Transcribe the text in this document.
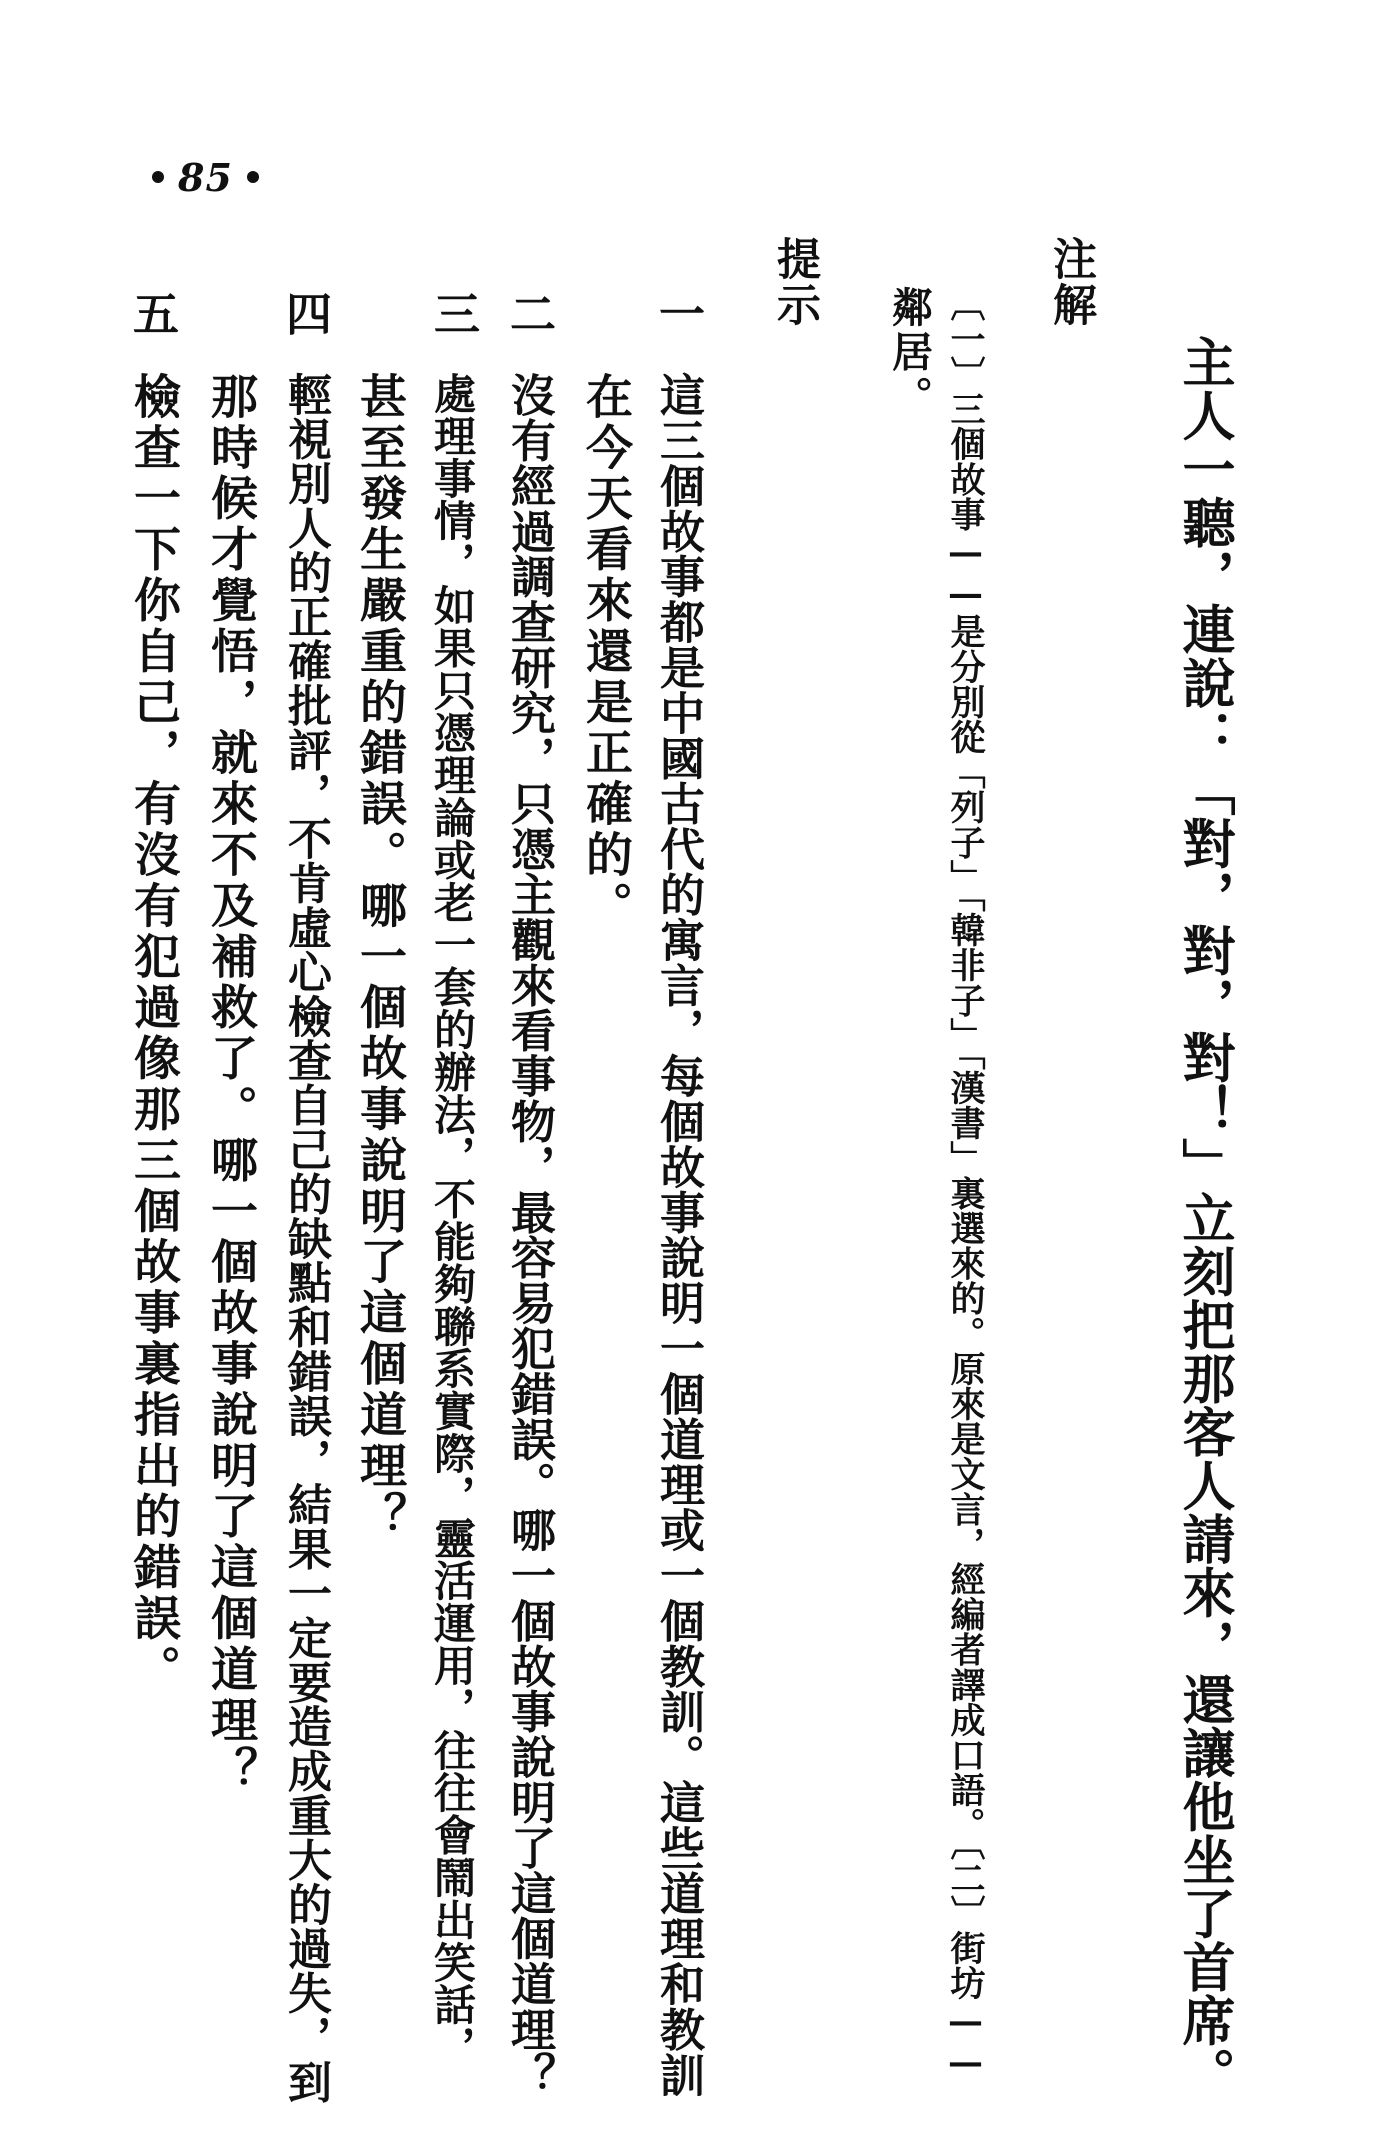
85
主人一聽，連說：「對，對，對！」立刻把那客人請來，還讓他坐了首席。
注解
〔一〕三個故事——是分別從「列子」「韓非子」「漢書」裏選來的。原來是文言，經編者譯成口語。〔二〕街坊——
鄰居。
提示
一
這三個故事都是中國古代的寓言，每個故事說明一個道理或一個教訓。這些道理和教訓
在今天看來還是正確的。
二
沒有經過調查研究，只憑主觀來看事物，最容易犯錯誤。哪一個故事說明了這個道理？
三
處理事情，如果只憑理論或老一套的辦法，不能夠聯系實際，靈活運用，往往會鬧出笑話，
甚至發生嚴重的錯誤。哪一個故事說明了這個道理？
四
輕視別人的正確批評，不肯虛心檢查自己的缺點和錯誤，結果一定要造成重大的過失，到
那時候才覺悟，就來不及補救了。哪一個故事說明了這個道理？
五
檢查一下你自己，有沒有犯過像那三個故事裏指出的錯誤。
